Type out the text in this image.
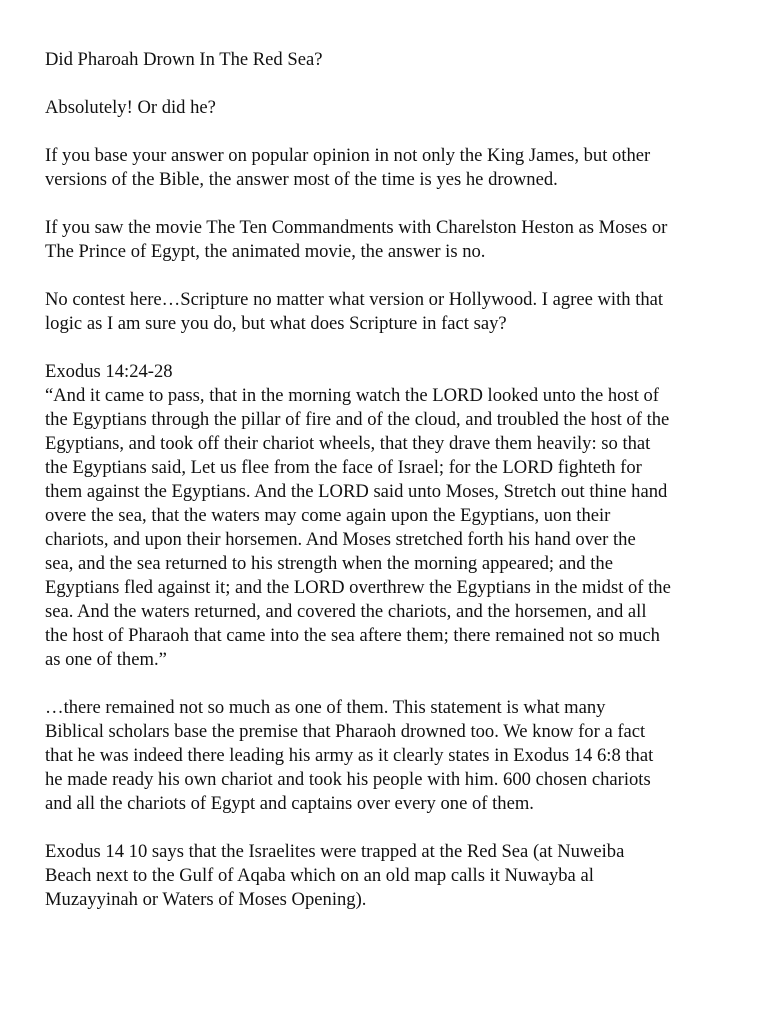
Did Pharoah Drown In The Red Sea?

Absolutely! Or did he?

If you base your answer on popular opinion in not only the King James, but other
versions of the Bible, the answer most of the time is yes he drowned.

If you saw the movie The Ten Commandments with Charelston Heston as Moses or
The Prince of Egypt, the animated movie, the answer is no.

No contest here…Scripture no matter what version or Hollywood. I agree with that
logic as I am sure you do, but what does Scripture in fact say?

Exodus 14:24-28
“And it came to pass, that in the morning watch the LORD looked unto the host of
the Egyptians through the pillar of fire and of the cloud, and troubled the host of the
Egyptians, and took off their chariot wheels, that they drave them heavily: so that
the Egyptians said, Let us flee from the face of Israel; for the LORD fighteth for
them against the Egyptians. And the LORD said unto Moses, Stretch out thine hand
overe the sea, that the waters may come again upon the Egyptians, uon their
chariots, and upon their horsemen. And Moses stretched forth his hand over the
sea, and the sea returned to his strength when the morning appeared; and the
Egyptians fled against it; and the LORD overthrew the Egyptians in the midst of the
sea. And the waters returned, and covered the chariots, and the horsemen, and all
the host of Pharaoh that came into the sea aftere them; there remained not so much
as one of them.”

…there remained not so much as one of them. This statement is what many
Biblical scholars base the premise that Pharaoh drowned too. We know for a fact
that he was indeed there leading his army as it clearly states in Exodus 14 6:8 that
he made ready his own chariot and took his people with him. 600 chosen chariots
and all the chariots of Egypt and captains over every one of them.

Exodus 14 10 says that the Israelites were trapped at the Red Sea (at Nuweiba
Beach next to the Gulf of Aqaba which on an old map calls it Nuwayba al
Muzayyinah or Waters of Moses Opening).
